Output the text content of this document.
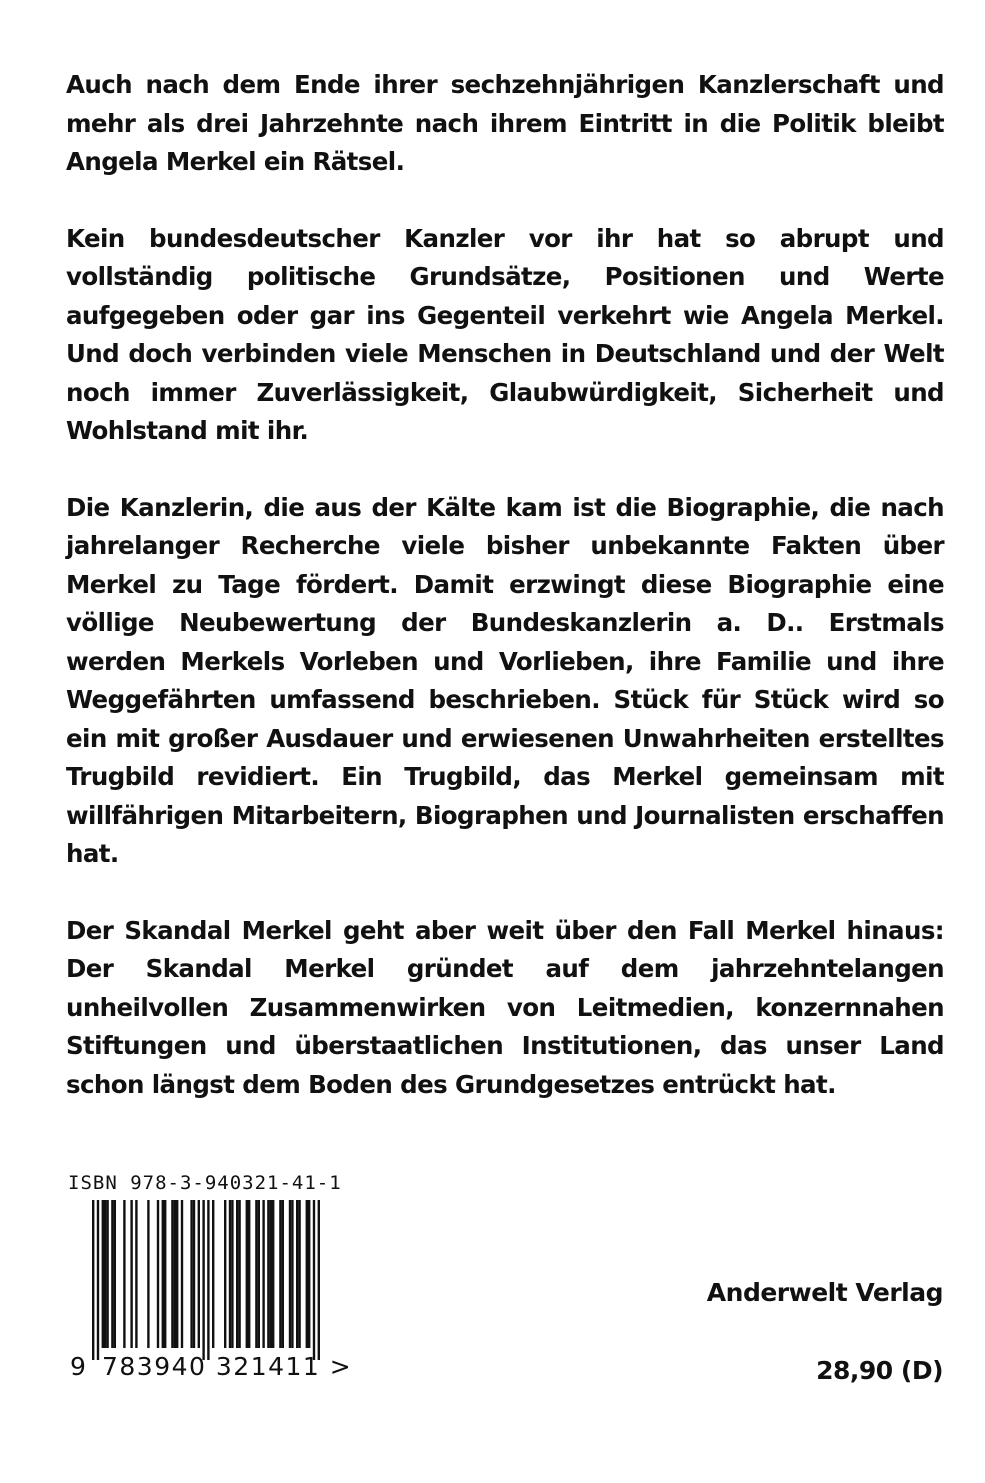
Auch nach dem Ende ihrer sechzehnjährigen Kanzlerschaft und mehr als drei Jahrzehnte nach ihrem Eintritt in die Politik bleibt Angela Merkel ein Rätsel.

Kein bundesdeutscher Kanzler vor ihr hat so abrupt und vollständig politische Grundsätze, Positionen und Werte aufgegeben oder gar ins Gegenteil verkehrt wie Angela Merkel. Und doch verbinden viele Menschen in Deutschland und der Welt noch immer Zuverlässigkeit, Glaubwürdigkeit, Sicherheit und Wohlstand mit ihr.

Die Kanzlerin, die aus der Kälte kam ist die Biographie, die nach jahrelanger Recherche viele bisher unbekannte Fakten über Merkel zu Tage fördert. Damit erzwingt diese Biographie eine völlige Neubewertung der Bundeskanzlerin a. D.. Erstmals werden Merkels Vorleben und Vorlieben, ihre Familie und ihre Weggefährten umfassend beschrieben. Stück für Stück wird so ein mit großer Ausdauer und erwiesenen Unwahrheiten erstelltes Trugbild revidiert. Ein Trugbild, das Merkel gemeinsam mit willfährigen Mitarbeitern, Biographen und Journalisten erschaffen hat.

Der Skandal Merkel geht aber weit über den Fall Merkel hinaus: Der Skandal Merkel gründet auf dem jahrzehntelangen unheilvollen Zusammenwirken von Leitmedien, konzernnahen Stiftungen und überstaatlichen Institutionen, das unser Land schon längst dem Boden des Grundgesetzes entrückt hat.

ISBN 978-3-940321-41-1
9 783940 321411 >
Anderwelt Verlag
28,90 (D)
